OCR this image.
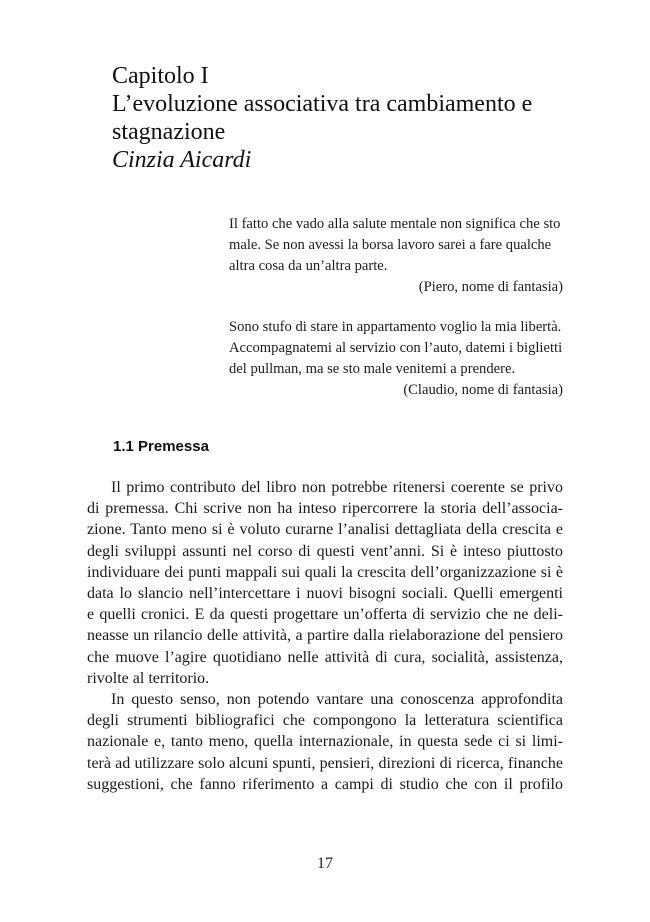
Capitolo I
L’evoluzione associativa tra cambiamento e
stagnazione
Cinzia Aicardi
Il fatto che vado alla salute mentale non significa che sto
male. Se non avessi la borsa lavoro sarei a fare qualche
altra cosa da un’altra parte.
(Piero, nome di fantasia)
Sono stufo di stare in appartamento voglio la mia libertà.
Accompagnatemi al servizio con l’auto, datemi i biglietti
del pullman, ma se sto male venitemi a prendere.
(Claudio, nome di fantasia)
1.1 Premessa
Il primo contributo del libro non potrebbe ritenersi coerente se privo
di premessa. Chi scrive non ha inteso ripercorrere la storia dell’associa-
zione. Tanto meno si è voluto curarne l’analisi dettagliata della crescita e
degli sviluppi assunti nel corso di questi vent’anni. Si è inteso piuttosto
individuare dei punti mappali sui quali la crescita dell’organizzazione si è
data lo slancio nell’intercettare i nuovi bisogni sociali. Quelli emergenti
e quelli cronici. E da questi progettare un’offerta di servizio che ne deli-
neasse un rilancio delle attività, a partire dalla rielaborazione del pensiero
che muove l’agire quotidiano nelle attività di cura, socialità, assistenza,
rivolte al territorio.
In questo senso, non potendo vantare una conoscenza approfondita
degli strumenti bibliografici che compongono la letteratura scientifica
nazionale e, tanto meno, quella internazionale, in questa sede ci si limi-
terà ad utilizzare solo alcuni spunti, pensieri, direzioni di ricerca, finanche
suggestioni, che fanno riferimento a campi di studio che con il profilo
17
